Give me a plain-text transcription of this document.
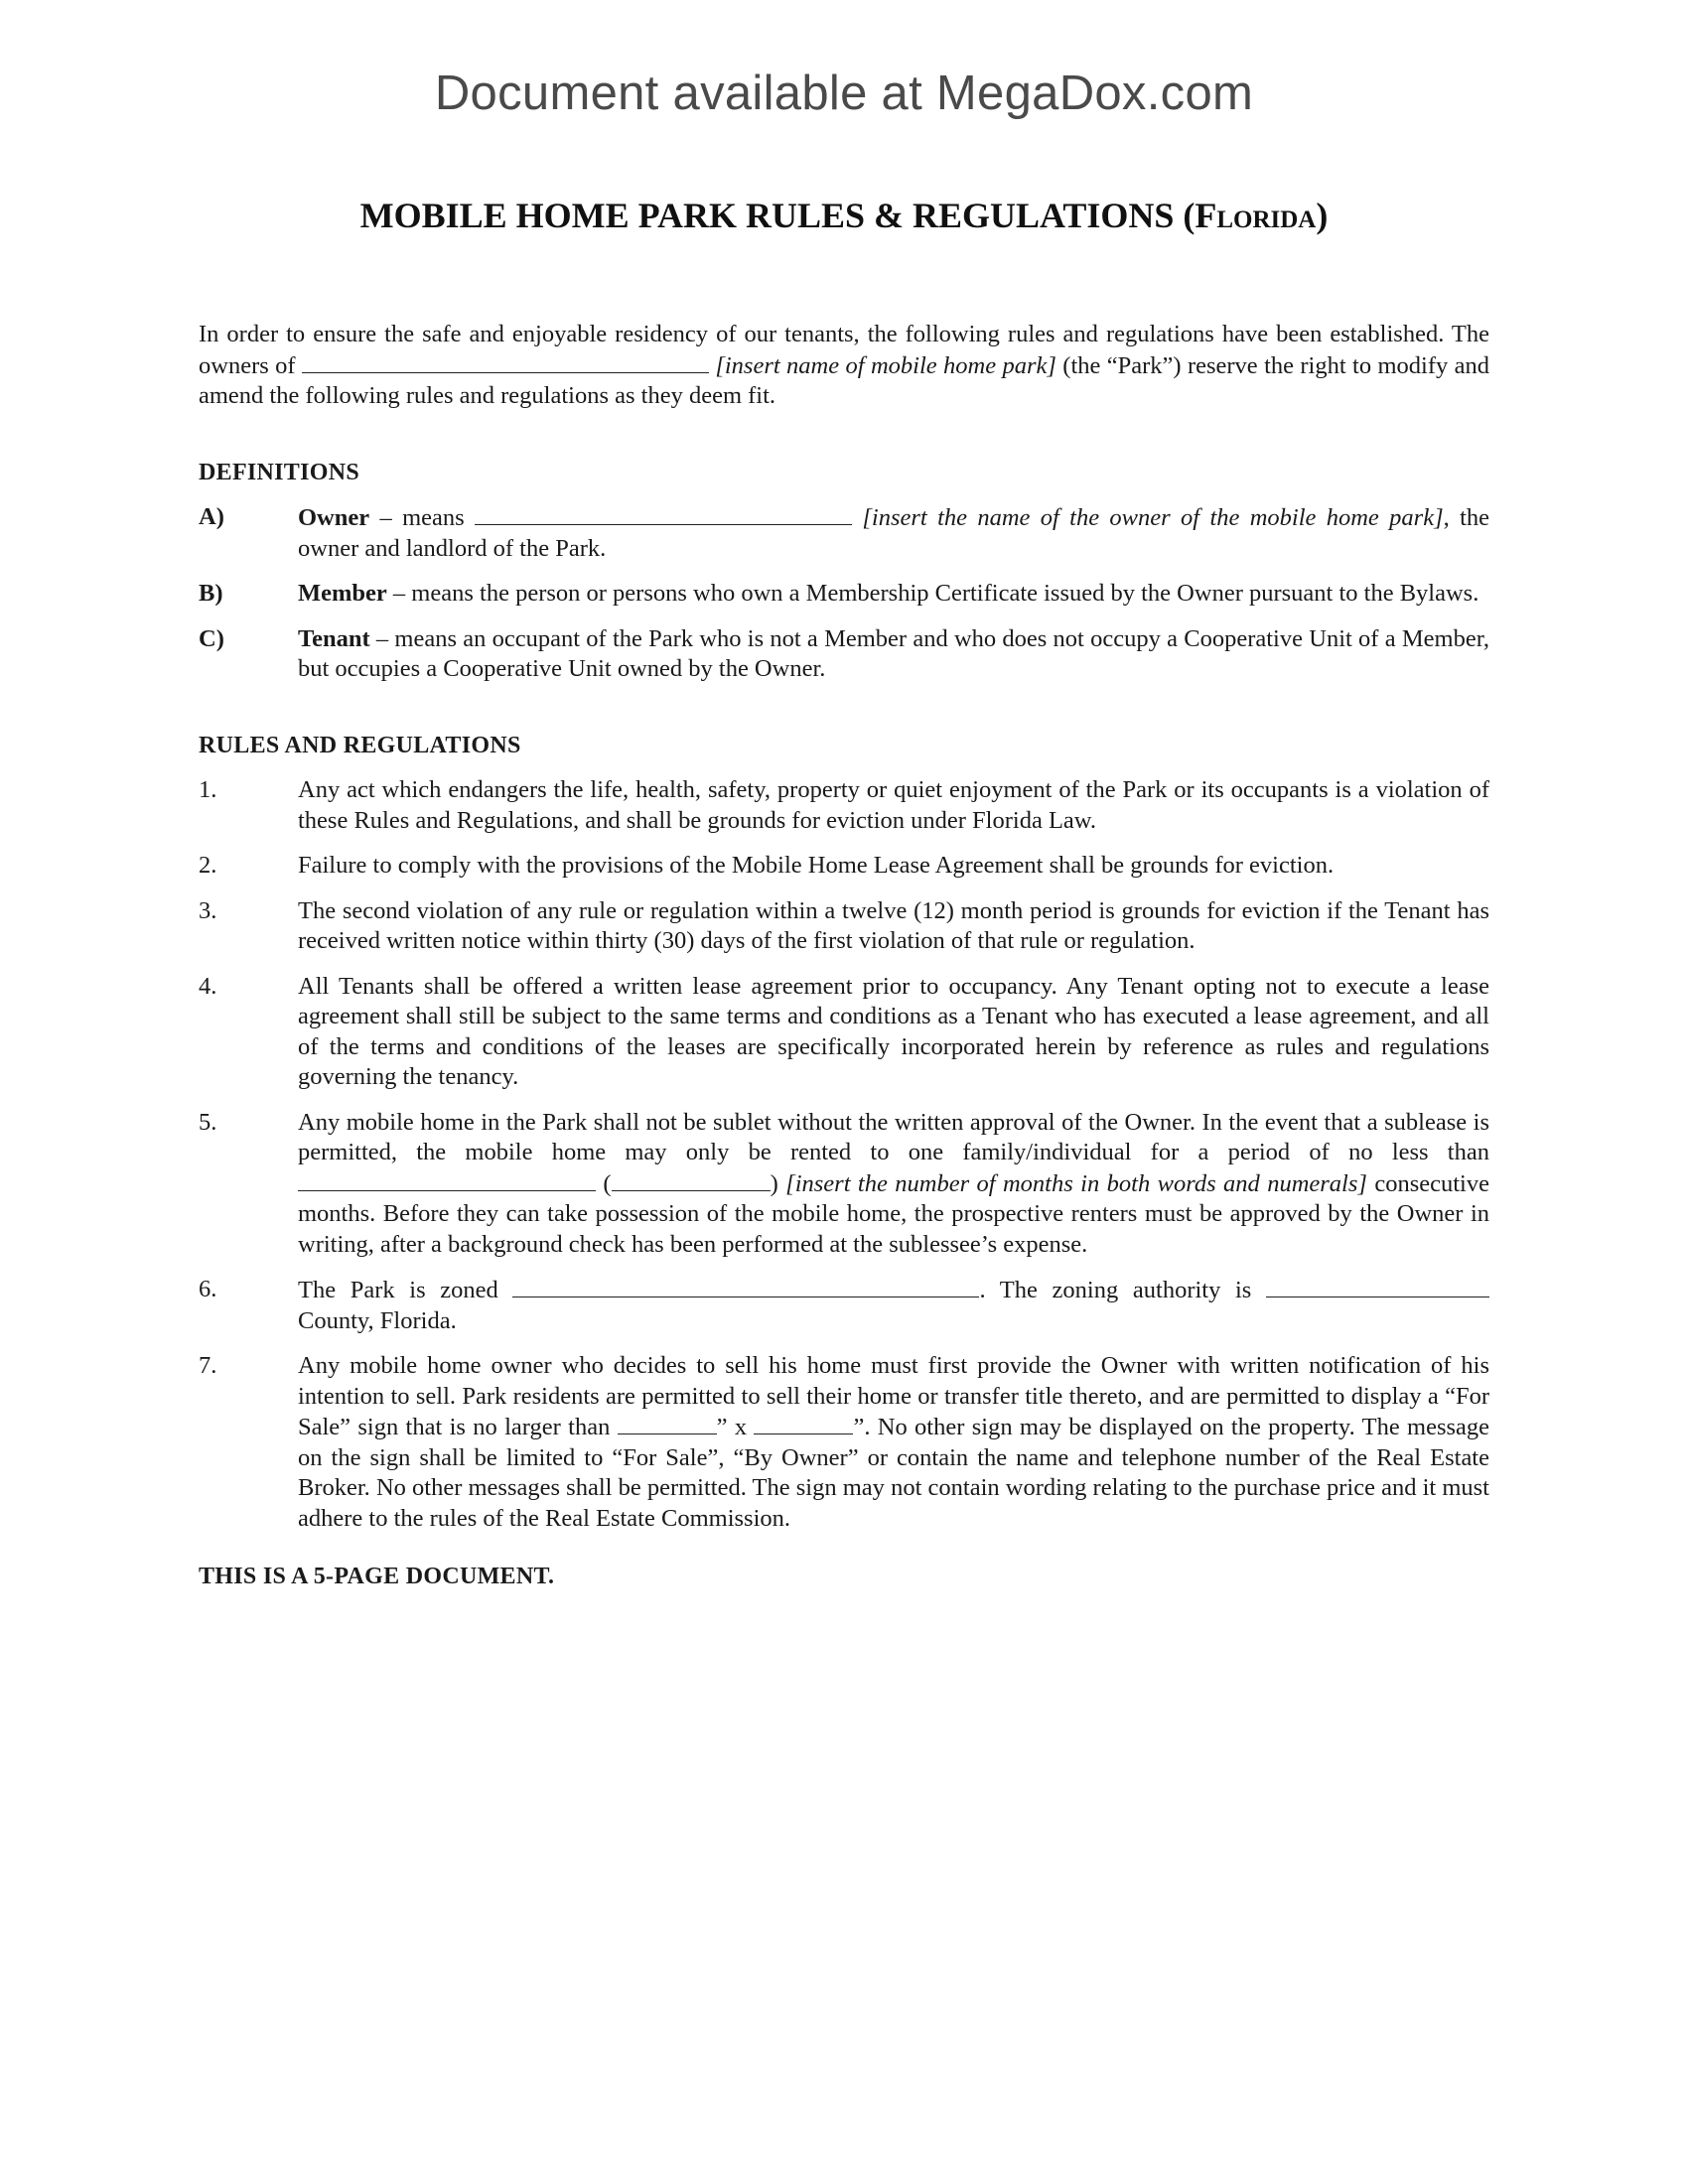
Document available at MegaDox.com
MOBILE HOME PARK RULES & REGULATIONS (Florida)

In order to ensure the safe and enjoyable residency of our tenants, the following rules and regulations have been established. The owners of	[insert name of mobile home park] (the “Park”) reserve the right to modify and amend the following rules and regulations as they deem fit.

DEFINITIONS

A)	Owner – means	[insert the name of the owner of the mobile home park], the owner and landlord of the Park.
B)	Member – means the person or persons who own a Membership Certificate issued by the Owner pursuant to the Bylaws.
C)	Tenant – means an occupant of the Park who is not a Member and who does not occupy a Cooperative Unit of a Member, but occupies a Cooperative Unit owned by the Owner.

RULES AND REGULATIONS

1.	Any act which endangers the life, health, safety, property or quiet enjoyment of the Park or its occupants is a violation of these Rules and Regulations, and shall be grounds for eviction under Florida Law.
2.	Failure to comply with the provisions of the Mobile Home Lease Agreement shall be grounds for eviction.
3.	The second violation of any rule or regulation within a twelve (12) month period is grounds for eviction if the Tenant has received written notice within thirty (30) days of the first violation of that rule or regulation.
4.	All Tenants shall be offered a written lease agreement prior to occupancy. Any Tenant opting not to execute a lease agreement shall still be subject to the same terms and conditions as a Tenant who has executed a lease agreement, and all of the terms and conditions of the leases are specifically incorporated herein by reference as rules and regulations governing the tenancy.
5.	Any mobile home in the Park shall not be sublet without the written approval of the Owner. In the event that a sublease is permitted, the mobile home may only be rented to one family/individual for a period of no less than  (	) [insert the number of months in both words and numerals] consecutive months. Before they can take possession of the mobile home, the prospective renters must be approved by the Owner in writing, after a background check has been performed at the sublessee’s expense.
6.	The Park is zoned	. The zoning authority is  County, Florida.
7.	Any mobile home owner who decides to sell his home must first provide the Owner with written notification of his intention to sell. Park residents are permitted to sell their home or transfer title thereto, and are permitted to display a “For Sale” sign that is no larger than	” x	”. No other sign may be displayed on the property. The message on the sign shall be limited to “For Sale”, “By Owner” or contain the name and telephone number of the Real Estate Broker. No other messages shall be permitted. The sign may not contain wording relating to the purchase price and it must adhere to the rules of the Real Estate Commission.

THIS IS A 5-PAGE DOCUMENT.
